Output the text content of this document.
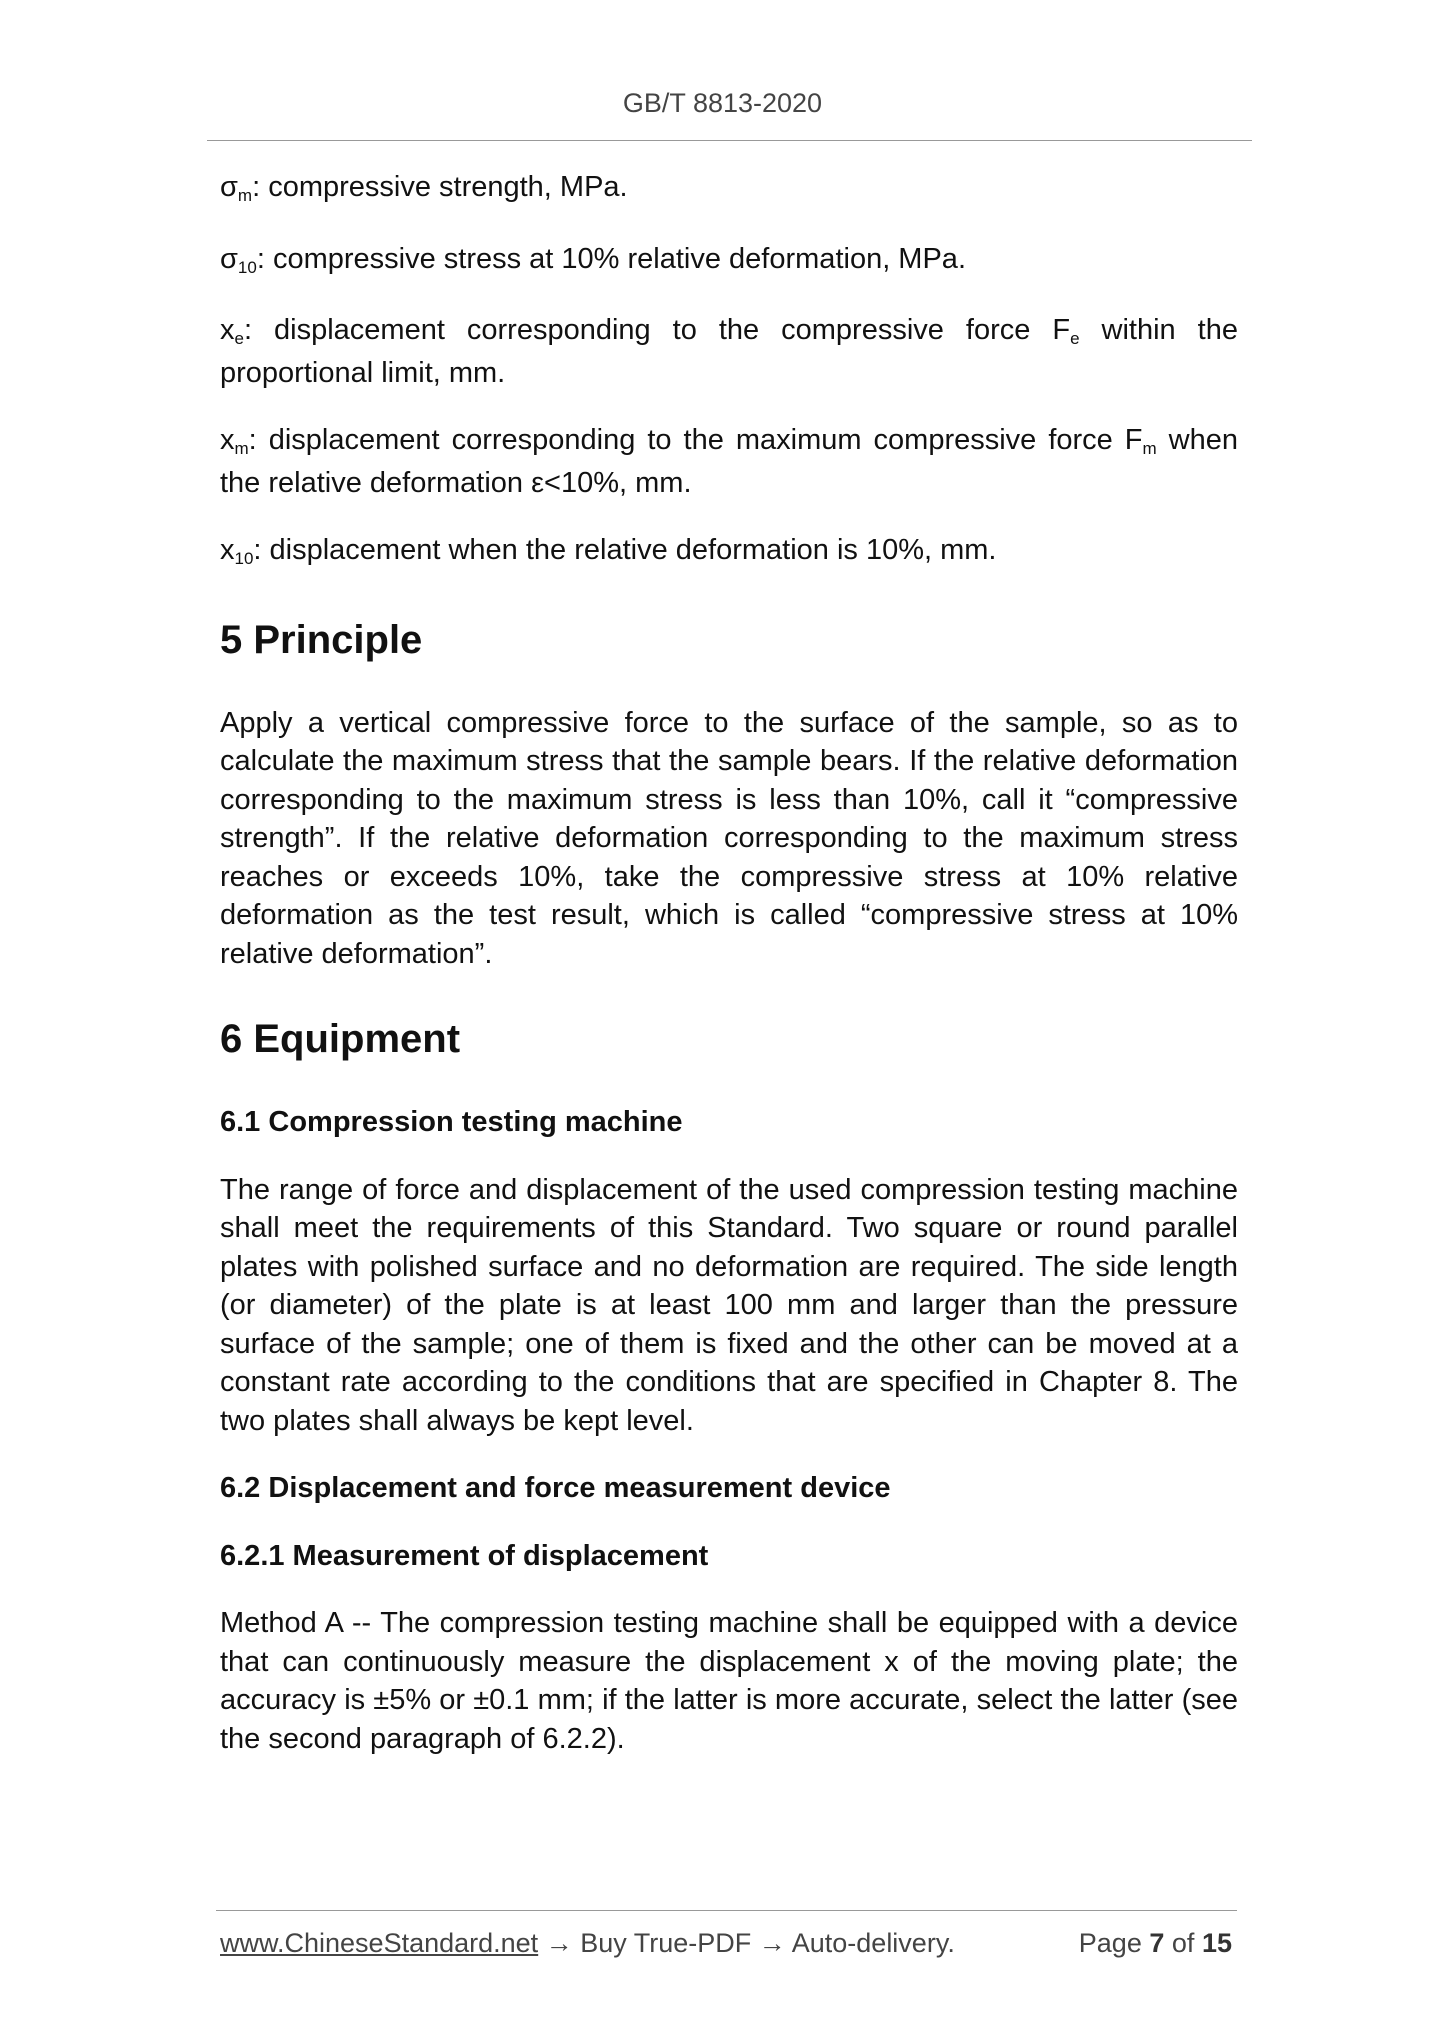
GB/T 8813-2020

σm: compressive strength, MPa.

σ10: compressive stress at 10% relative deformation, MPa.

xe: displacement corresponding to the compressive force Fe within the proportional limit, mm.

xm: displacement corresponding to the maximum compressive force Fm when the relative deformation ε<10%, mm.

x10: displacement when the relative deformation is 10%, mm.

5 Principle

Apply a vertical compressive force to the surface of the sample, so as to calculate the maximum stress that the sample bears. If the relative deformation corresponding to the maximum stress is less than 10%, call it “compressive strength”. If the relative deformation corresponding to the maximum stress reaches or exceeds 10%, take the compressive stress at 10% relative deformation as the test result, which is called “compressive stress at 10% relative deformation”.

6 Equipment
6.1 Compression testing machine

The range of force and displacement of the used compression testing machine shall meet the requirements of this Standard. Two square or round parallel plates with polished surface and no deformation are required. The side length (or diameter) of the plate is at least 100 mm and larger than the pressure surface of the sample; one of them is fixed and the other can be moved at a constant rate according to the conditions that are specified in Chapter 8. The two plates shall always be kept level.

6.2 Displacement and force measurement device
6.2.1 Measurement of displacement

Method A -- The compression testing machine shall be equipped with a device that can continuously measure the displacement x of the moving plate; the accuracy is ±5% or ±0.1 mm; if the latter is more accurate, select the latter (see the second paragraph of 6.2.2).

www.ChineseStandard.net → Buy True-PDF → Auto-delivery.	Page 7 of 15
